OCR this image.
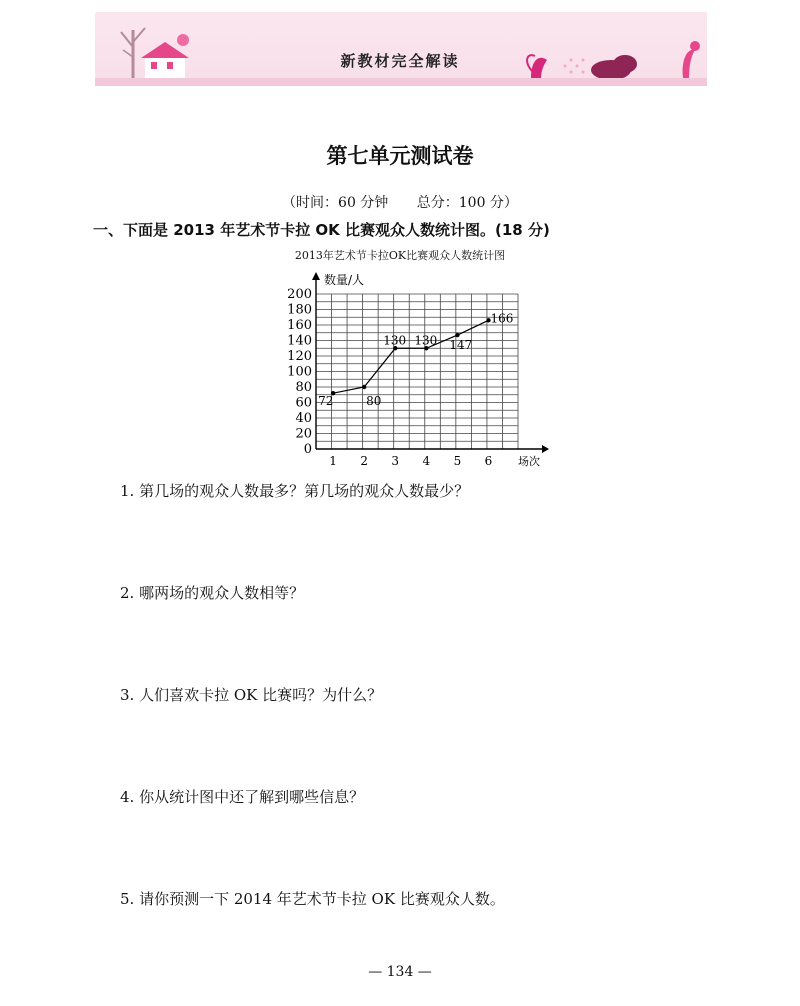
新教材完全解读
第七单元测试卷
（时间：60 分钟 总分：100 分）
一、下面是 2013 年艺术节卡拉 OK 比赛观众人数统计图。(18 分)
2013年艺术节卡拉OK比赛观众人数统计图
0
20
40
60
80
100
120
140
160
180
200
1 2 3 4 5 6
数量/人
场次
72	80
130 130 147
166
1. 第几场的观众人数最多？第几场的观众人数最少？
2. 哪两场的观众人数相等？
3. 人们喜欢卡拉 OK 比赛吗？为什么？
4. 你从统计图中还了解到哪些信息？
5. 请你预测一下 2014 年艺术节卡拉 OK 比赛观众人数。
— 134 —
